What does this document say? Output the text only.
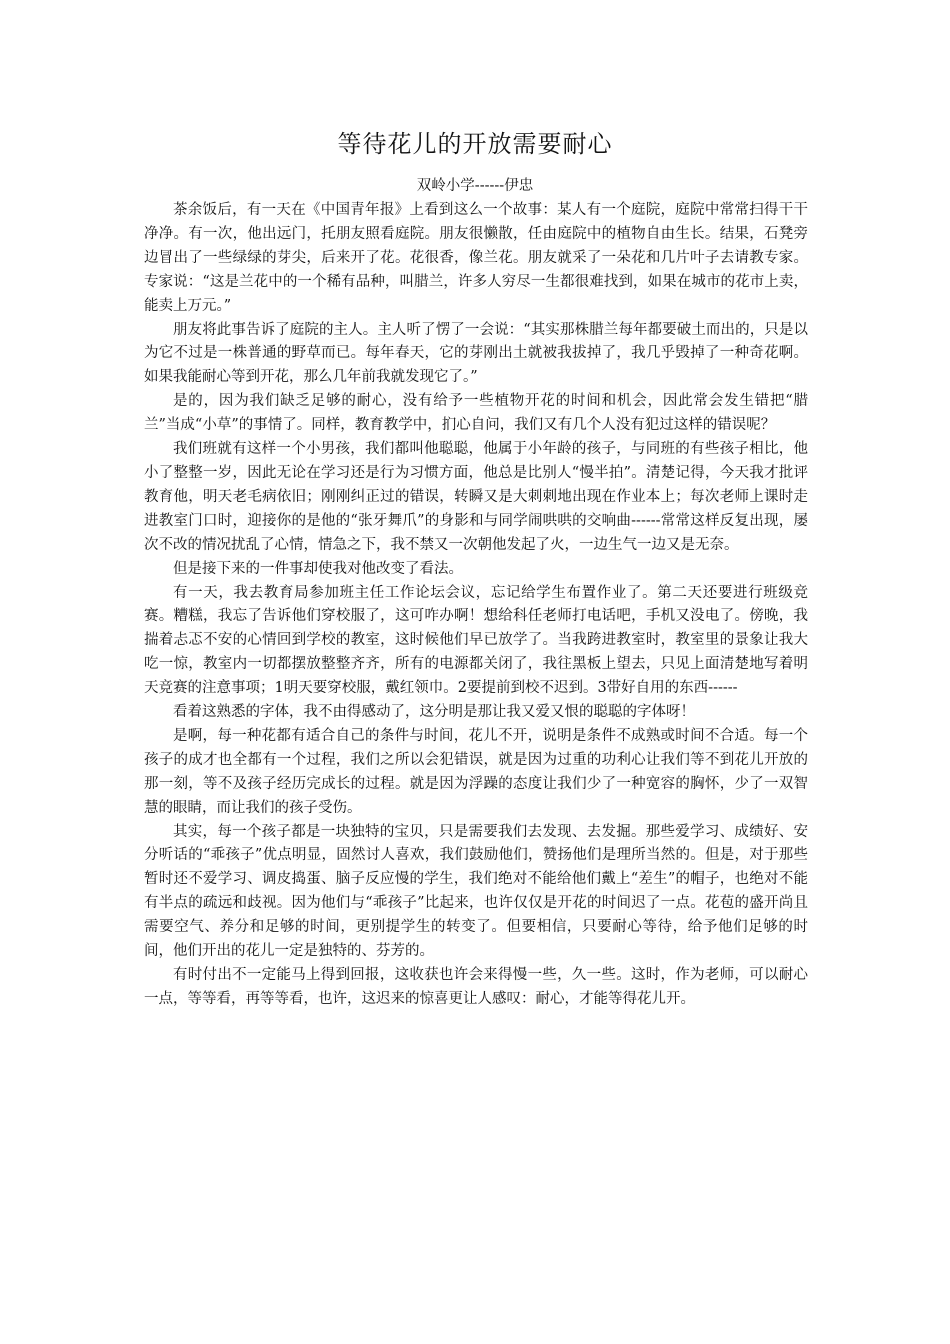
等待花儿的开放需要耐心

双岭小学------伊忠

茶余饭后，有一天在《中国青年报》上看到这么一个故事：某人有一个庭院，庭院中常常扫得干干净净。有一次，他出远门，托朋友照看庭院。朋友很懒散，任由庭院中的植物自由生长。结果，石凳旁边冒出了一些绿绿的芽尖，后来开了花。花很香，像兰花。朋友就采了一朵花和几片叶子去请教专家。专家说：“这是兰花中的一个稀有品种，叫腊兰，许多人穷尽一生都很难找到，如果在城市的花市上卖，能卖上万元。”

朋友将此事告诉了庭院的主人。主人听了愣了一会说：“其实那株腊兰每年都要破土而出的，只是以为它不过是一株普通的野草而已。每年春天，它的芽刚出土就被我拔掉了，我几乎毁掉了一种奇花啊。如果我能耐心等到开花，那么几年前我就发现它了。”

是的，因为我们缺乏足够的耐心，没有给予一些植物开花的时间和机会，因此常会发生错把“腊兰”当成“小草”的事情了。同样，教育教学中，扪心自问，我们又有几个人没有犯过这样的错误呢？

我们班就有这样一个小男孩，我们都叫他聪聪，他属于小年龄的孩子，与同班的有些孩子相比，他小了整整一岁，因此无论在学习还是行为习惯方面，他总是比别人“慢半拍”。清楚记得，今天我才批评教育他，明天老毛病依旧；刚刚纠正过的错误，转瞬又是大刺刺地出现在作业本上；每次老师上课时走进教室门口时，迎接你的是他的“张牙舞爪”的身影和与同学闹哄哄的交响曲------常常这样反复出现，屡次不改的情况扰乱了心情，情急之下，我不禁又一次朝他发起了火，一边生气一边又是无奈。

但是接下来的一件事却使我对他改变了看法。

有一天，我去教育局参加班主任工作论坛会议，忘记给学生布置作业了。第二天还要进行班级竞赛。糟糕，我忘了告诉他们穿校服了，这可咋办啊！想给科任老师打电话吧，手机又没电了。傍晚，我揣着忐忑不安的心情回到学校的教室，这时候他们早已放学了。当我跨进教室时，教室里的景象让我大吃一惊，教室内一切都摆放整整齐齐，所有的电源都关闭了，我往黑板上望去，只见上面清楚地写着明天竞赛的注意事项；1明天要穿校服，戴红领巾。2要提前到校不迟到。3带好自用的东西------

看着这熟悉的字体，我不由得感动了，这分明是那让我又爱又恨的聪聪的字体呀！

是啊，每一种花都有适合自己的条件与时间，花儿不开，说明是条件不成熟或时间不合适。每一个孩子的成才也全都有一个过程，我们之所以会犯错误，就是因为过重的功利心让我们等不到花儿开放的那一刻，等不及孩子经历完成长的过程。就是因为浮躁的态度让我们少了一种宽容的胸怀，少了一双智慧的眼睛，而让我们的孩子受伤。

其实，每一个孩子都是一块独特的宝贝，只是需要我们去发现、去发掘。那些爱学习、成绩好、安分听话的“乖孩子”优点明显，固然讨人喜欢，我们鼓励他们，赞扬他们是理所当然的。但是，对于那些暂时还不爱学习、调皮捣蛋、脑子反应慢的学生，我们绝对不能给他们戴上“差生”的帽子，也绝对不能有半点的疏远和歧视。因为他们与“乖孩子”比起来，也许仅仅是开花的时间迟了一点。花苞的盛开尚且需要空气、养分和足够的时间，更别提学生的转变了。但要相信，只要耐心等待，给予他们足够的时间，他们开出的花儿一定是独特的、芬芳的。

有时付出不一定能马上得到回报，这收获也许会来得慢一些，久一些。这时，作为老师，可以耐心一点，等等看，再等等看，也许，这迟来的惊喜更让人感叹：耐心，才能等得花儿开。
